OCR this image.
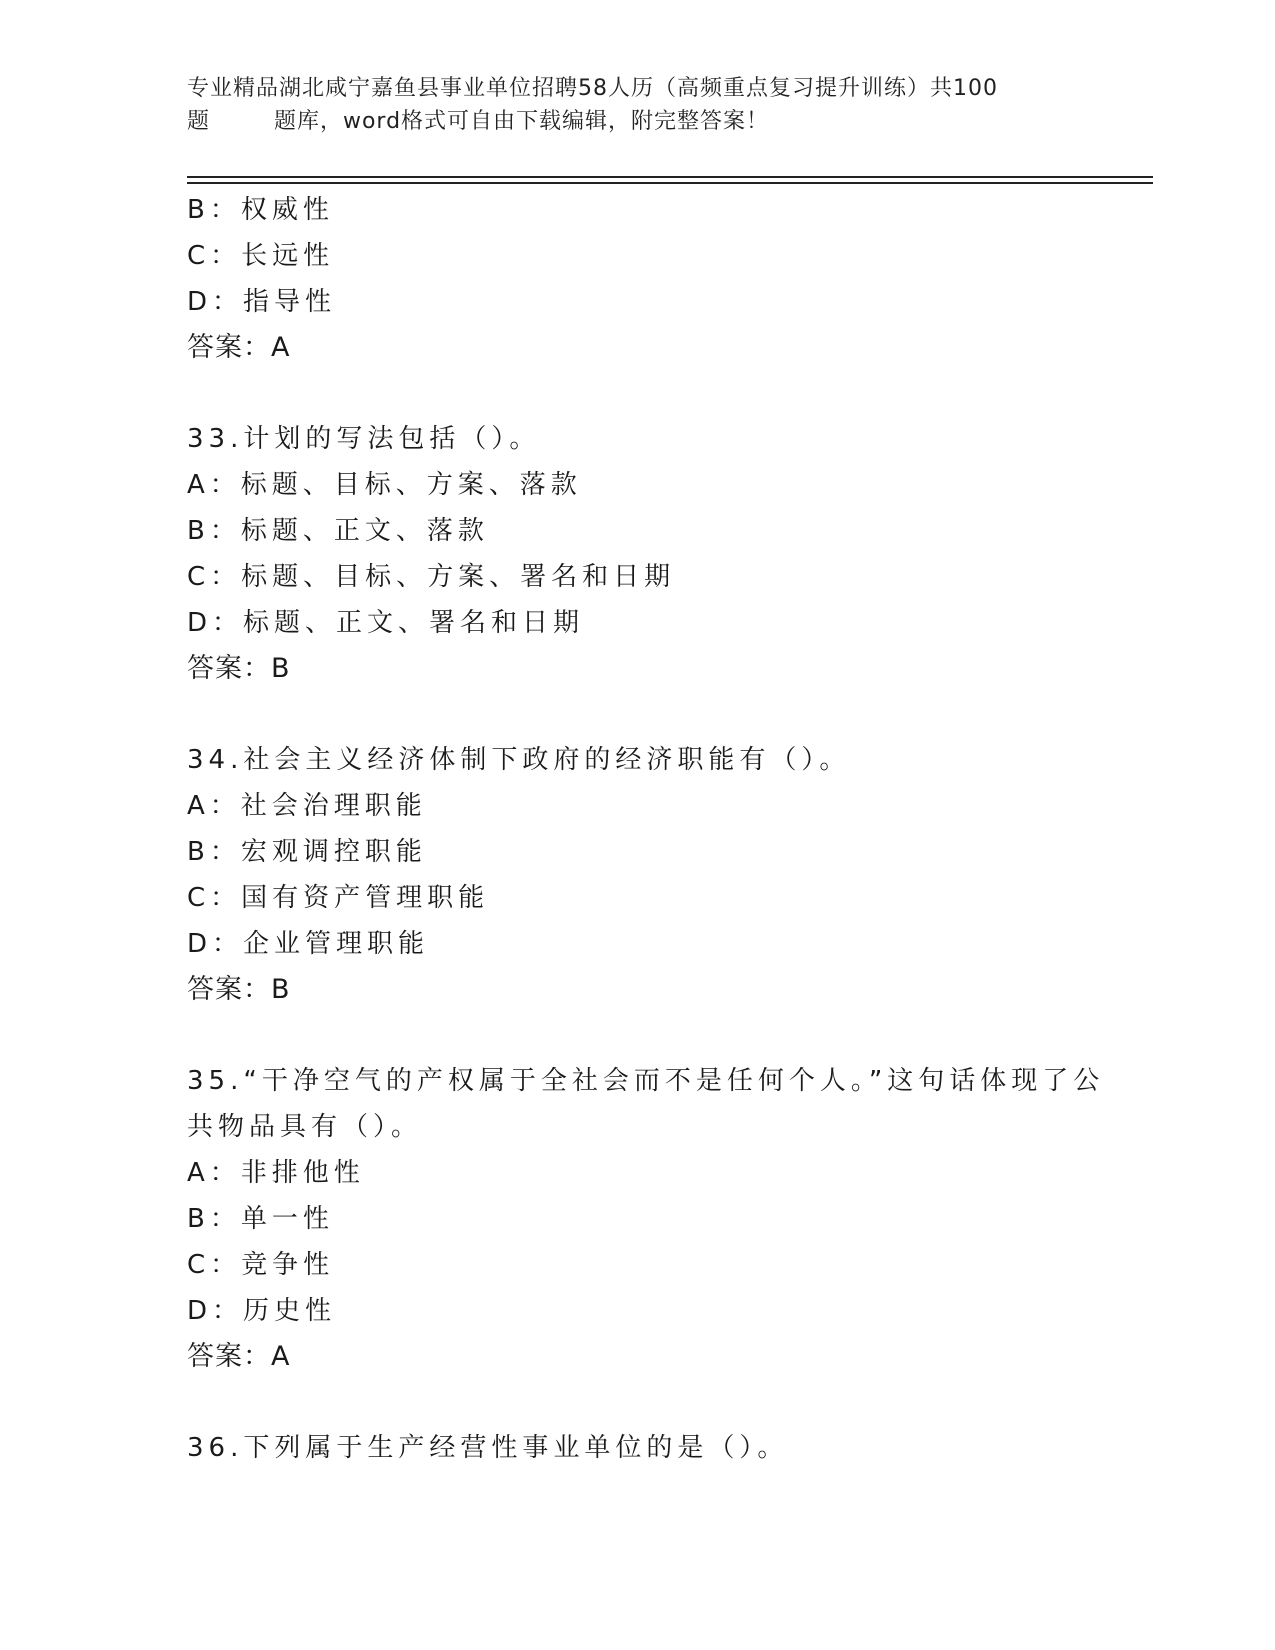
专业精品湖北咸宁嘉鱼县事业单位招聘58人历（高频重点复习提升训练）共100
题	题库，word格式可自由下载编辑，附完整答案！
B：权威性
C：长远性
D：指导性
答案：A
33.计划的写法包括（）。
A：标题、目标、方案、落款
B：标题、正文、落款
C：标题、目标、方案、署名和日期
D：标题、正文、署名和日期
答案：B
34.社会主义经济体制下政府的经济职能有（）。
A：社会治理职能
B：宏观调控职能
C：国有资产管理职能
D：企业管理职能
答案：B
35.“干净空气的产权属于全社会而不是任何个人。”这句话体现了公
共物品具有（）。
A：非排他性
B：单一性
C：竞争性
D：历史性
答案：A
36.下列属于生产经营性事业单位的是（）。
